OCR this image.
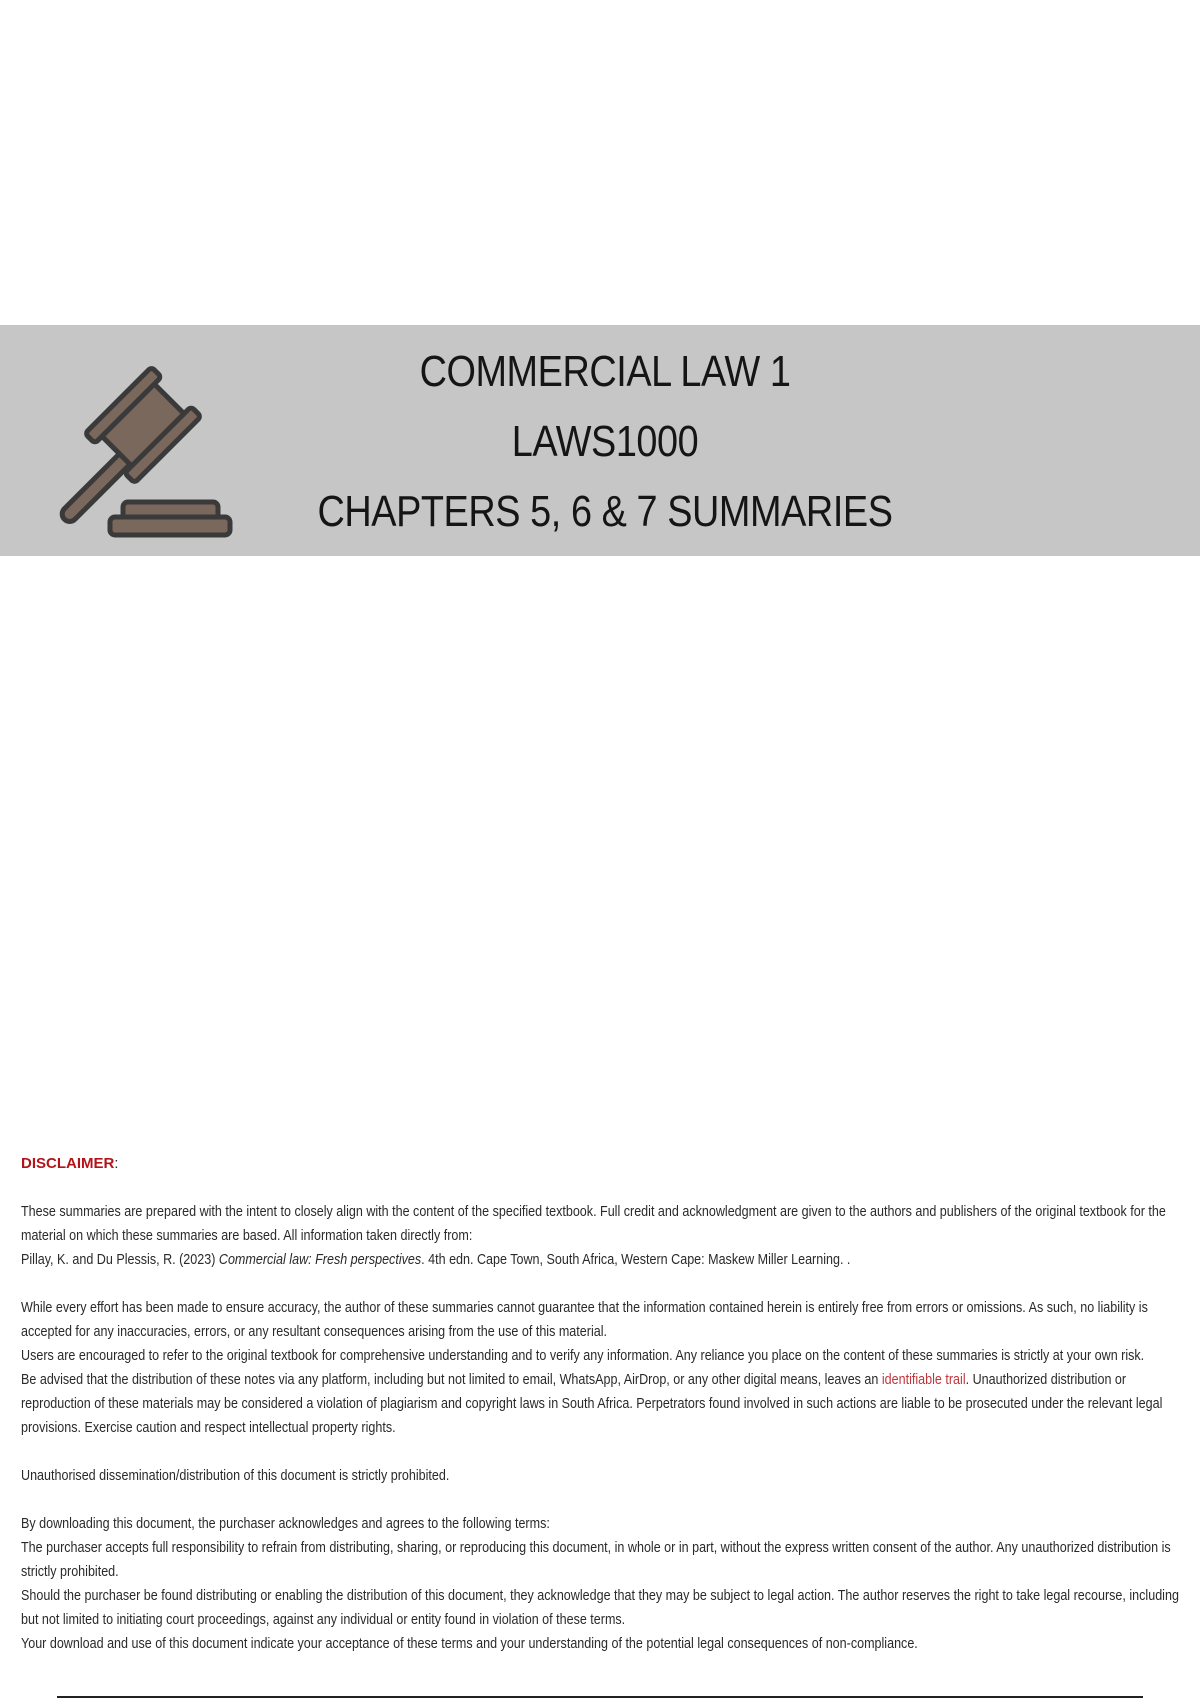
COMMERCIAL LAW 1
LAWS1000
CHAPTERS 5, 6 & 7 SUMMARIES

DISCLAIMER:

These summaries are prepared with the intent to closely align with the content of the specified textbook. Full credit and acknowledgment are given to the authors and publishers of the original textbook for the material on which these summaries are based. All information taken directly from:

Pillay, K. and Du Plessis, R. (2023) Commercial law: Fresh perspectives. 4th edn. Cape Town, South Africa, Western Cape: Maskew Miller Learning. .

While every effort has been made to ensure accuracy, the author of these summaries cannot guarantee that the information contained herein is entirely free from errors or omissions. As such, no liability is accepted for any inaccuracies, errors, or any resultant consequences arising from the use of this material.

Users are encouraged to refer to the original textbook for comprehensive understanding and to verify any information. Any reliance you place on the content of these summaries is strictly at your own risk.

Be advised that the distribution of these notes via any platform, including but not limited to email, WhatsApp, AirDrop, or any other digital means, leaves an identifiable trail. Unauthorized distribution or reproduction of these materials may be considered a violation of plagiarism and copyright laws in South Africa. Perpetrators found involved in such actions are liable to be prosecuted under the relevant legal provisions. Exercise caution and respect intellectual property rights.

Unauthorised dissemination/distribution of this document is strictly prohibited.

By downloading this document, the purchaser acknowledges and agrees to the following terms:

The purchaser accepts full responsibility to refrain from distributing, sharing, or reproducing this document, in whole or in part, without the express written consent of the author. Any unauthorized distribution is strictly prohibited.

Should the purchaser be found distributing or enabling the distribution of this document, they acknowledge that they may be subject to legal action. The author reserves the right to take legal recourse, including but not limited to initiating court proceedings, against any individual or entity found in violation of these terms.

Your download and use of this document indicate your acceptance of these terms and your understanding of the potential legal consequences of non-compliance.
